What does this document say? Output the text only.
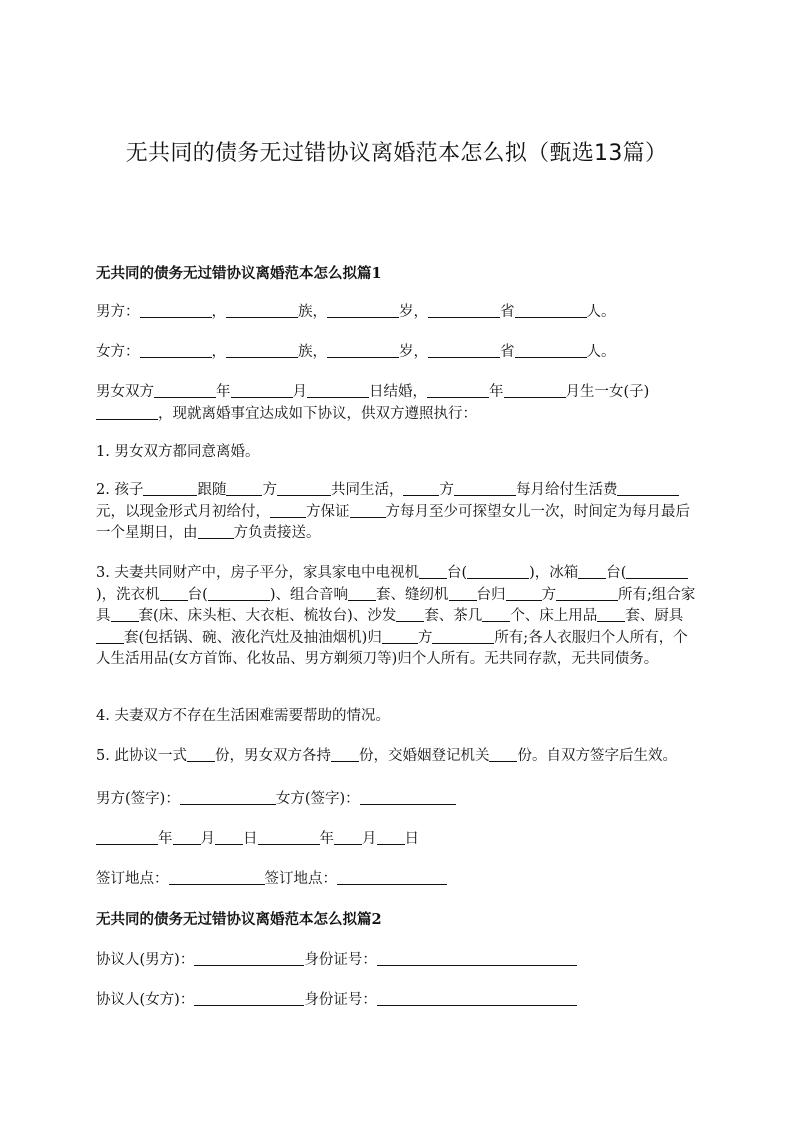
无共同的债务无过错协议离婚范本怎么拟（甄选13篇）
无共同的债务无过错协议离婚范本怎么拟篇1
男方：	，	族，	岁，	省	人。
女方：	，	族，	岁，	省	人。
男女双方	年	月	日结婚，	年	月生一女(子)，现就离婚事宜达成如下协议，供双方遵照执行：
1. 男女双方都同意离婚。
2. 孩子	跟随 方	共同生活， 方	每月给付生活费元，以现金形式月初给付， 方保证 方每月至少可探望女儿一次，时间定为每月最后一个星期日，由 方负责接送。
3. 夫妻共同财产中，房子平分，家具家电中电视机 台(	)，冰箱 台()，洗衣机 台(	)、组合音响 套、缝纫机 台归 方	所有;组合家具 套(床、床头柜、大衣柜、梳妆台)、沙发 套、茶几 个、床上用品 套、厨具套(包括锅、碗、液化汽灶及抽油烟机)归 方	所有;各人衣服归个人所有，个人生活用品(女方首饰、化妆品、男方剃须刀等)归个人所有。无共同存款，无共同债务。
4. 夫妻双方不存在生活困难需要帮助的情况。
5. 此协议一式 份，男女双方各持 份，交婚姻登记机关 份。自双方签字后生效。
男方(签字)：	女方(签字)：
年 月 日	年 月 日
签订地点：	签订地点：
无共同的债务无过错协议离婚范本怎么拟篇2
协议人(男方)：	身份证号：
协议人(女方)：	身份证号：
